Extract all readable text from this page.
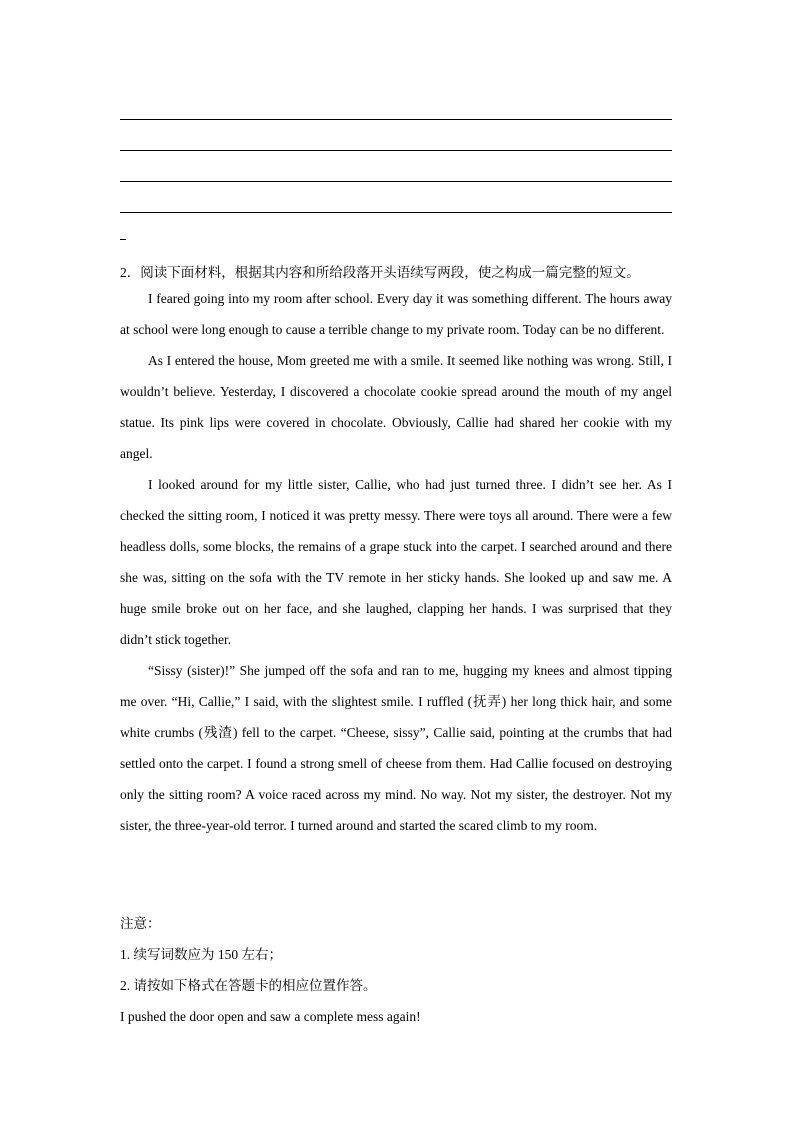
2．阅读下面材料，根据其内容和所给段落开头语续写两段，使之构成一篇完整的短文。

I feared going into my room after school. Every day it was something different. The hours away at school were long enough to cause a terrible change to my private room. Today can be no different.

As I entered the house, Mom greeted me with a smile. It seemed like nothing was wrong. Still, I wouldn’t believe. Yesterday, I discovered a chocolate cookie spread around the mouth of my angel statue. Its pink lips were covered in chocolate. Obviously, Callie had shared her cookie with my angel.

I looked around for my little sister, Callie, who had just turned three. I didn’t see her. As I checked the sitting room, I noticed it was pretty messy. There were toys all around. There were a few headless dolls, some blocks, the remains of a grape stuck into the carpet. I searched around and there she was, sitting on the sofa with the TV remote in her sticky hands. She looked up and saw me. A huge smile broke out on her face, and she laughed, clapping her hands. I was surprised that they didn’t stick together.

“Sissy (sister)!” She jumped off the sofa and ran to me, hugging my knees and almost tipping me over. “Hi, Callie,” I said, with the slightest smile. I ruffled (抚弄) her long thick hair, and some white crumbs (残渣) fell to the carpet. “Cheese, sissy”, Callie said, pointing at the crumbs that had settled onto the carpet. I found a strong smell of cheese from them. Had Callie focused on destroying only the sitting room? A voice raced across my mind. No way. Not my sister, the destroyer. Not my sister, the three-year-old terror. I turned around and started the scared climb to my room.

注意：

1. 续写词数应为 150 左右；

2. 请按如下格式在答题卡的相应位置作答。

I pushed the door open and saw a complete mess again!
